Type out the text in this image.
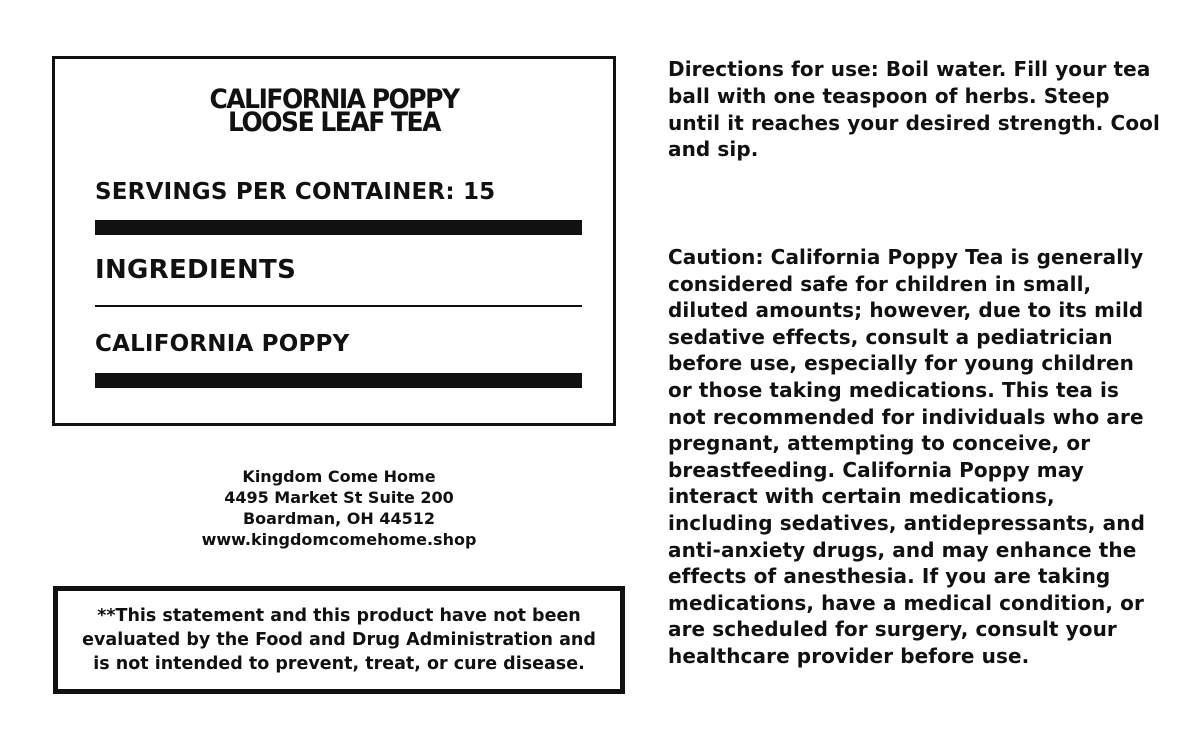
CALIFORNIA POPPY
LOOSE LEAF TEA
SERVINGS PER CONTAINER: 15
INGREDIENTS
CALIFORNIA POPPY
Kingdom Come Home
4495 Market St Suite 200
Boardman, OH 44512
www.kingdomcomehome.shop
**This statement and this product have not been evaluated by the Food and Drug Administration and is not intended to prevent, treat, or cure disease.
Directions for use: Boil water. Fill your tea ball with one teaspoon of herbs. Steep until it reaches your desired strength. Cool and sip.
Caution: California Poppy Tea is generally considered safe for children in small, diluted amounts; however, due to its mild sedative effects, consult a pediatrician before use, especially for young children or those taking medications. This tea is not recommended for individuals who are pregnant, attempting to conceive, or breastfeeding. California Poppy may interact with certain medications, including sedatives, antidepressants, and anti-anxiety drugs, and may enhance the effects of anesthesia. If you are taking medications, have a medical condition, or are scheduled for surgery, consult your healthcare provider before use.
